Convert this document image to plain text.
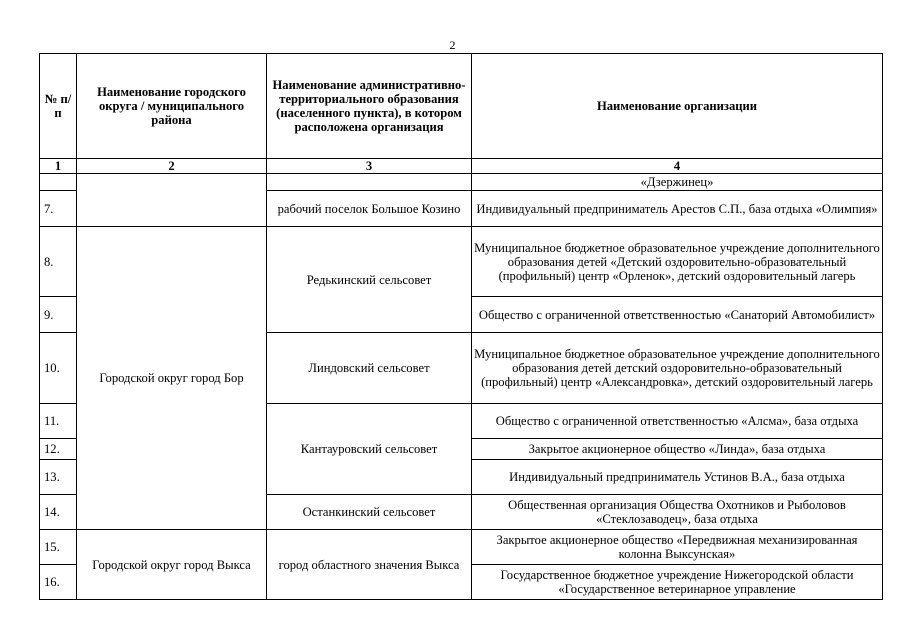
2
№ п/п	Наименование городского округа / муниципального района	Наименование административно-территориального образования (населенного пункта), в котором расположена организация	Наименование организации
1	2	3	4
			«Дзержинец»
7.		рабочий поселок Большое Козино	Индивидуальный предприниматель Арестов С.П., база отдыха «Олимпия»
8.	Городской округ город Бор	Редькинский сельсовет	Муниципальное бюджетное образовательное учреждение дополнительного образования детей «Детский оздоровительно-образовательный (профильный) центр «Орленок», детский оздоровительный лагерь
9.			Общество с ограниченной ответственностью «Санаторий Автомобилист»
10.		Линдовский сельсовет	Муниципальное бюджетное образовательное учреждение дополнительного образования детей детский оздоровительно-образовательный (профильный) центр «Александровка», детский оздоровительный лагерь
11.		Кантауровский сельсовет	Общество с ограниченной ответственностью «Алсма», база отдыха
12.			Закрытое акционерное общество «Линда», база отдыха
13.			Индивидуальный предприниматель Устинов В.А., база отдыха
14.		Останкинский сельсовет	Общественная организация Общества Охотников и Рыболовов «Стеклозаводец», база отдыха
15.	Городской округ город Выкса	город областного значения Выкса	Закрытое акционерное общество «Передвижная механизированная колонна Выксунская»
16.			Государственное бюджетное учреждение Нижегородской области «Государственное ветеринарное управление
